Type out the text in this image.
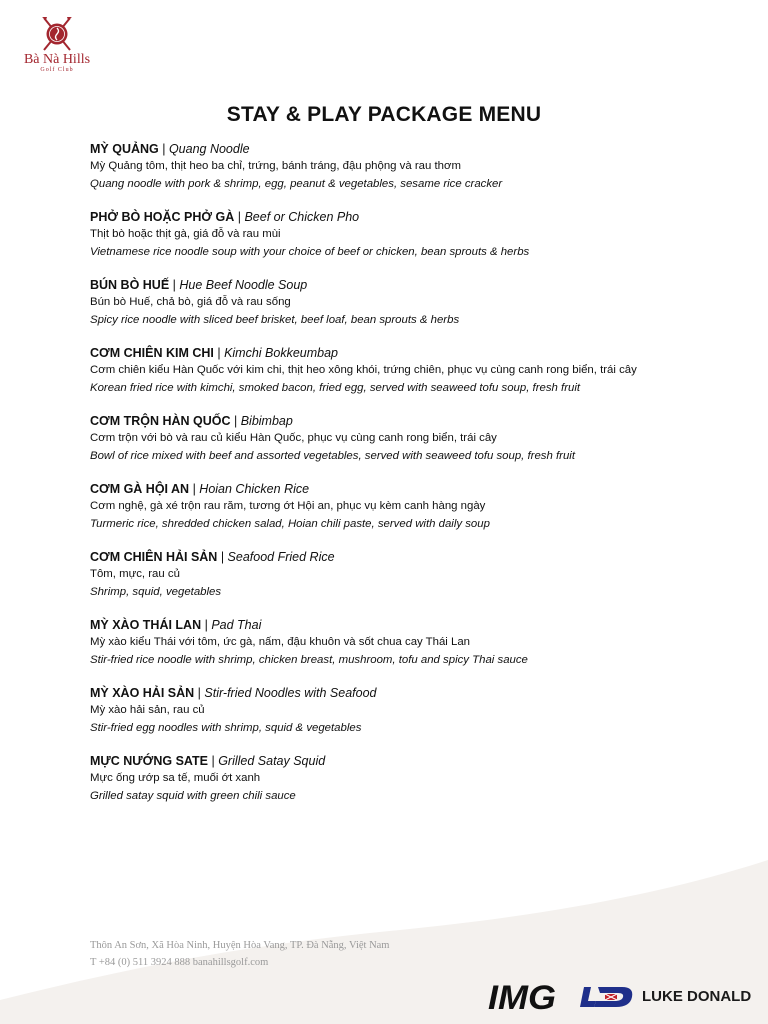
Bà Nà Hills
Golf Club
STAY & PLAY PACKAGE MENU
MỲ QUẢNG | Quang Noodle
Mỳ Quảng tôm, thịt heo ba chỉ, trứng, bánh tráng, đậu phộng và rau thơm
Quang noodle with pork & shrimp, egg, peanut & vegetables, sesame rice cracker
PHỞ BÒ HOẶC PHỞ GÀ | Beef or Chicken Pho
Thịt bò hoặc thịt gà, giá đỗ và rau mùi
Vietnamese rice noodle soup with your choice of beef or chicken, bean sprouts & herbs
BÚN BÒ HUẾ | Hue Beef Noodle Soup
Bún bò Huế, chả bò, giá đỗ và rau sống
Spicy rice noodle with sliced beef brisket, beef loaf, bean sprouts & herbs
CƠM CHIÊN KIM CHI | Kimchi Bokkeumbap
Cơm chiên kiểu Hàn Quốc với kim chi, thịt heo xông khói, trứng chiên, phục vụ cùng canh rong biển, trái cây
Korean fried rice with kimchi, smoked bacon, fried egg, served with seaweed tofu soup, fresh fruit
CƠM TRỘN HÀN QUỐC | Bibimbap
Cơm trộn với bò và rau củ kiểu Hàn Quốc, phục vụ cùng canh rong biển, trái cây
Bowl of rice mixed with beef and assorted vegetables, served with seaweed tofu soup, fresh fruit
CƠM GÀ HỘI AN | Hoian Chicken Rice
Cơm nghệ, gà xé trộn rau răm, tương ớt Hội an, phục vụ kèm canh hàng ngày
Turmeric rice, shredded chicken salad, Hoian chili paste, served with daily soup
CƠM CHIÊN HẢI SẢN | Seafood Fried Rice
Tôm, mực, rau củ
Shrimp, squid, vegetables
MỲ XÀO THÁI LAN | Pad Thai
Mỳ xào kiểu Thái với tôm, ức gà, nấm, đậu khuôn và sốt chua cay Thái Lan
Stir-fried rice noodle with shrimp, chicken breast, mushroom, tofu and spicy Thai sauce
MỲ XÀO HẢI SẢN | Stir-fried Noodles with Seafood
Mỳ xào hải sản, rau củ
Stir-fried egg noodles with shrimp, squid & vegetables
MỰC NƯỚNG SATE | Grilled Satay Squid
Mực ống ướp sa tế, muối ớt xanh
Grilled satay squid with green chili sauce
Thôn An Sơn, Xã Hòa Ninh, Huyện Hòa Vang, TP. Đà Nẵng, Việt Nam
T +84 (0) 511 3924 888 banahillsgolf.com
IMG	LUKE DONALD
